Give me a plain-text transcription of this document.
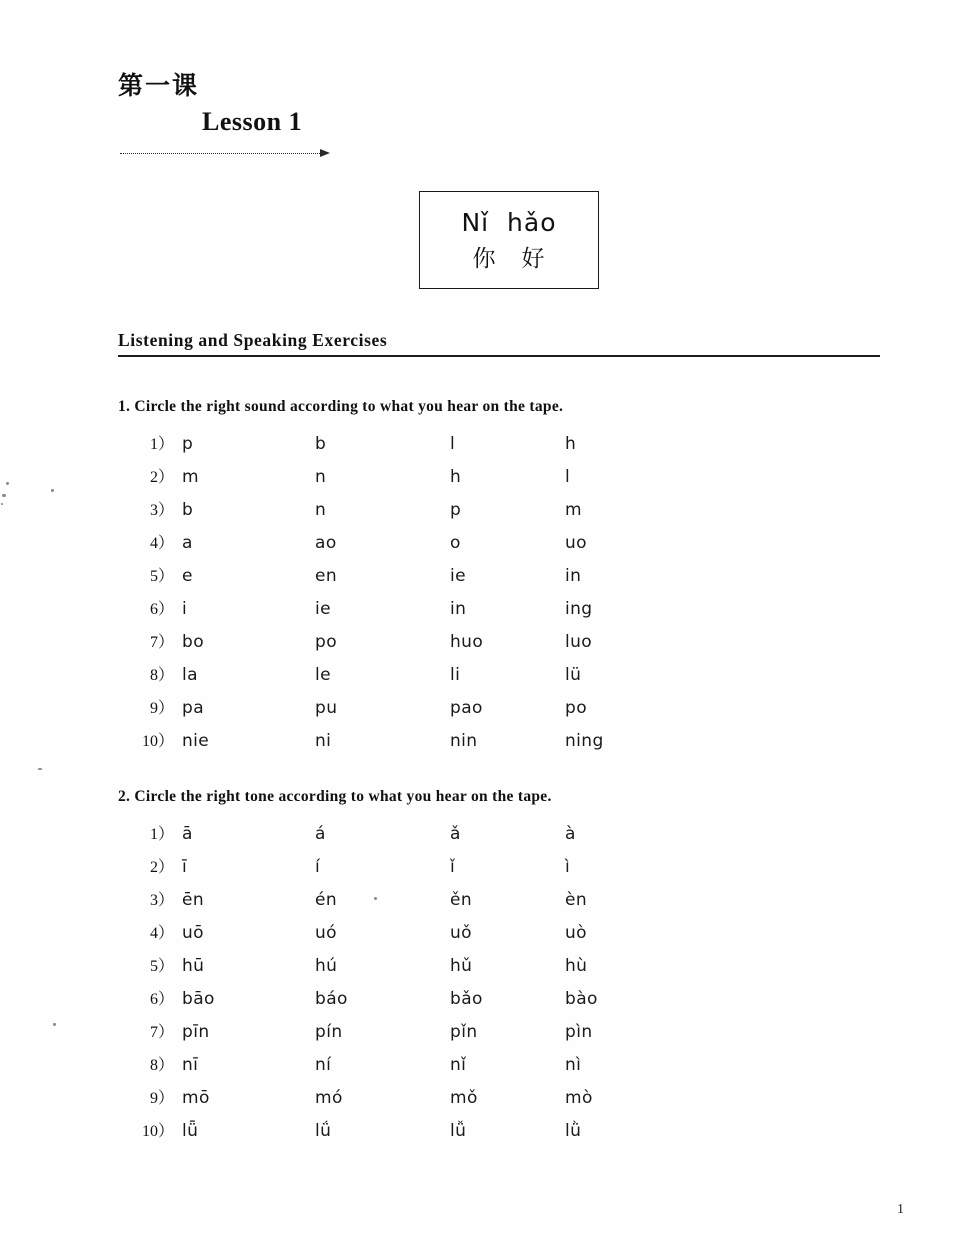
第一课
Lesson 1
Nǐ  hǎo
你   好
Listening and Speaking Exercises
1. Circle the right sound according to what you hear on the tape.
1） p	b	l	h
2） m	n	h	l
3） b	n	p	m
4） a	ao	o	uo
5） e	en	ie	in
6） i	ie	in	ing
7） bo	po	huo	luo
8） la	le	li	lü
9） pa	pu	pao	po
10） nie	ni	nin	ning
2. Circle the right tone according to what you hear on the tape.
1） ā	á	ǎ	à
2） ī	í	ǐ	ì
3） ēn	én	ěn	èn
4） uō	uó	uǒ	uò
5） hū	hú	hǔ	hù
6） bāo	báo	bǎo	bào
7） pīn	pín	pǐn	pìn
8） nī	ní	nǐ	nì
9） mō	mó	mǒ	mò
10） lǖ	lǘ	lǚ	lǜ
1
